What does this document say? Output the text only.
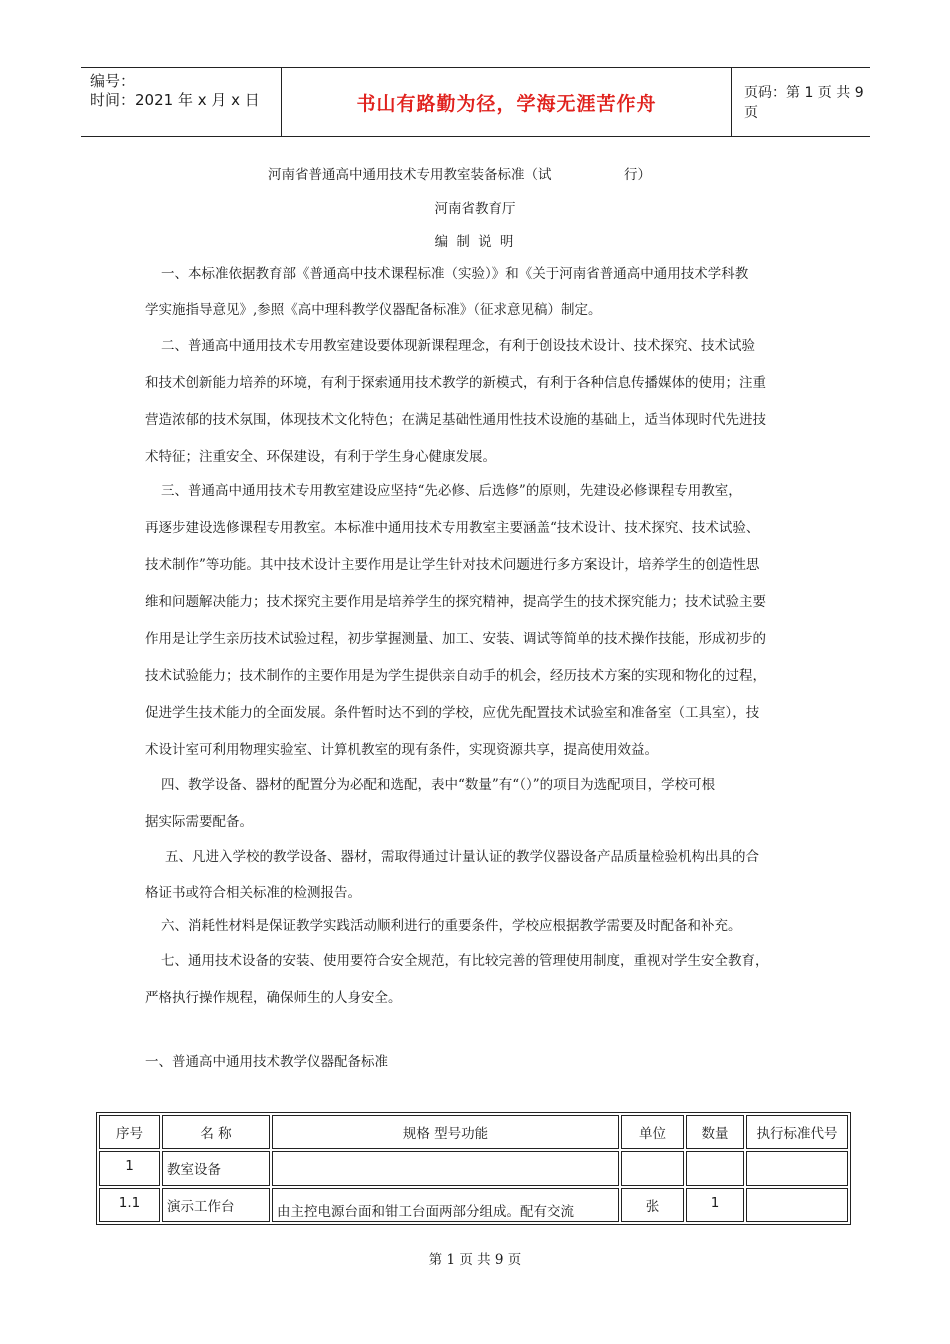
编号：
时间：2021 年 x 月 x 日	书山有路勤为径，学海无涯苦作舟	页码：第 1 页 共 9 页
河南省普通高中通用技术专用教室装备标准（试	行）
河南省教育厅
编 制 说 明
一、本标准依据教育部《普通高中技术课程标准（实验）》和《关于河南省普通高中通用技术学科教
学实施指导意见》,参照《高中理科教学仪器配备标准》（征求意见稿）制定。
二、普通高中通用技术专用教室建设要体现新课程理念，有利于创设技术设计、技术探究、技术试验
和技术创新能力培养的环境，有利于探索通用技术教学的新模式，有利于各种信息传播媒体的使用；注重
营造浓郁的技术氛围，体现技术文化特色；在满足基础性通用性技术设施的基础上，适当体现时代先进技
术特征；注重安全、环保建设，有利于学生身心健康发展。
三、普通高中通用技术专用教室建设应坚持“先必修、后选修”的原则，先建设必修课程专用教室，
再逐步建设选修课程专用教室。本标准中通用技术专用教室主要涵盖“技术设计、技术探究、技术试验、
技术制作”等功能。其中技术设计主要作用是让学生针对技术问题进行多方案设计，培养学生的创造性思
维和问题解决能力；技术探究主要作用是培养学生的探究精神，提高学生的技术探究能力；技术试验主要
作用是让学生亲历技术试验过程，初步掌握测量、加工、安装、调试等简单的技术操作技能，形成初步的
技术试验能力；技术制作的主要作用是为学生提供亲自动手的机会，经历技术方案的实现和物化的过程，
促进学生技术能力的全面发展。条件暂时达不到的学校，应优先配置技术试验室和准备室（工具室），技
术设计室可利用物理实验室、计算机教室的现有条件，实现资源共享，提高使用效益。
四、教学设备、器材的配置分为必配和选配，表中“数量”有“（）”的项目为选配项目，学校可根
据实际需要配备。
五、凡进入学校的教学设备、器材，需取得通过计量认证的教学仪器设备产品质量检验机构出具的合
格证书或符合相关标准的检测报告。
六、消耗性材料是保证教学实践活动顺利进行的重要条件，学校应根据教学需要及时配备和补充。
七、通用技术设备的安装、使用要符合安全规范，有比较完善的管理使用制度，重视对学生安全教育，
严格执行操作规程，确保师生的人身安全。
一、普通高中通用技术教学仪器配备标准
序号	名 称	规格 型号功能	单位	数量	执行标准代号
1	教室设备				
1.1	演示工作台	由主控电源台面和钳工台面两部分组成。配有交流	张	1	
第 1 页 共 9 页
